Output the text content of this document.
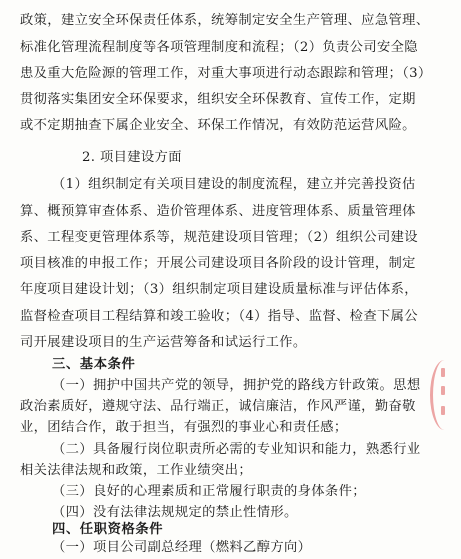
政策，建立安全环保责任体系，统筹制定安全生产管理、应急管理、
标准化管理流程制度等各项管理制度和流程；（2）负责公司安全隐
患及重大危险源的管理工作，对重大事项进行动态跟踪和管理；（3）
贯彻落实集团安全环保要求，组织安全环保教育、宣传工作，定期
或不定期抽查下属企业安全、环保工作情况，有效防范运营风险。
2. 项目建设方面
（1）组织制定有关项目建设的制度流程，建立并完善投资估
算、概预算审查体系、造价管理体系、进度管理体系、质量管理体
系、工程变更管理体系等，规范建设项目管理；（2）组织公司建设
项目核准的申报工作；开展公司建设项目各阶段的设计管理，制定
年度项目建设计划；（3）组织制定项目建设质量标准与评估体系，
监督检查项目工程结算和竣工验收；（4）指导、监督、检查下属公
司开展建设项目的生产运营筹备和试运行工作。
三、基本条件
（一）拥护中国共产党的领导，拥护党的路线方针政策。思想
政治素质好，遵规守法、品行端正，诚信廉洁，作风严谨，勤奋敬
业，团结合作，敢于担当，有强烈的事业心和责任感；
（二）具备履行岗位职责所必需的专业知识和能力，熟悉行业
相关法律法规和政策，工作业绩突出；
（三）良好的心理素质和正常履行职责的身体条件；
（四）没有法律法规规定的禁止性情形。
四、任职资格条件
（一）项目公司副总经理（燃料乙醇方向）
